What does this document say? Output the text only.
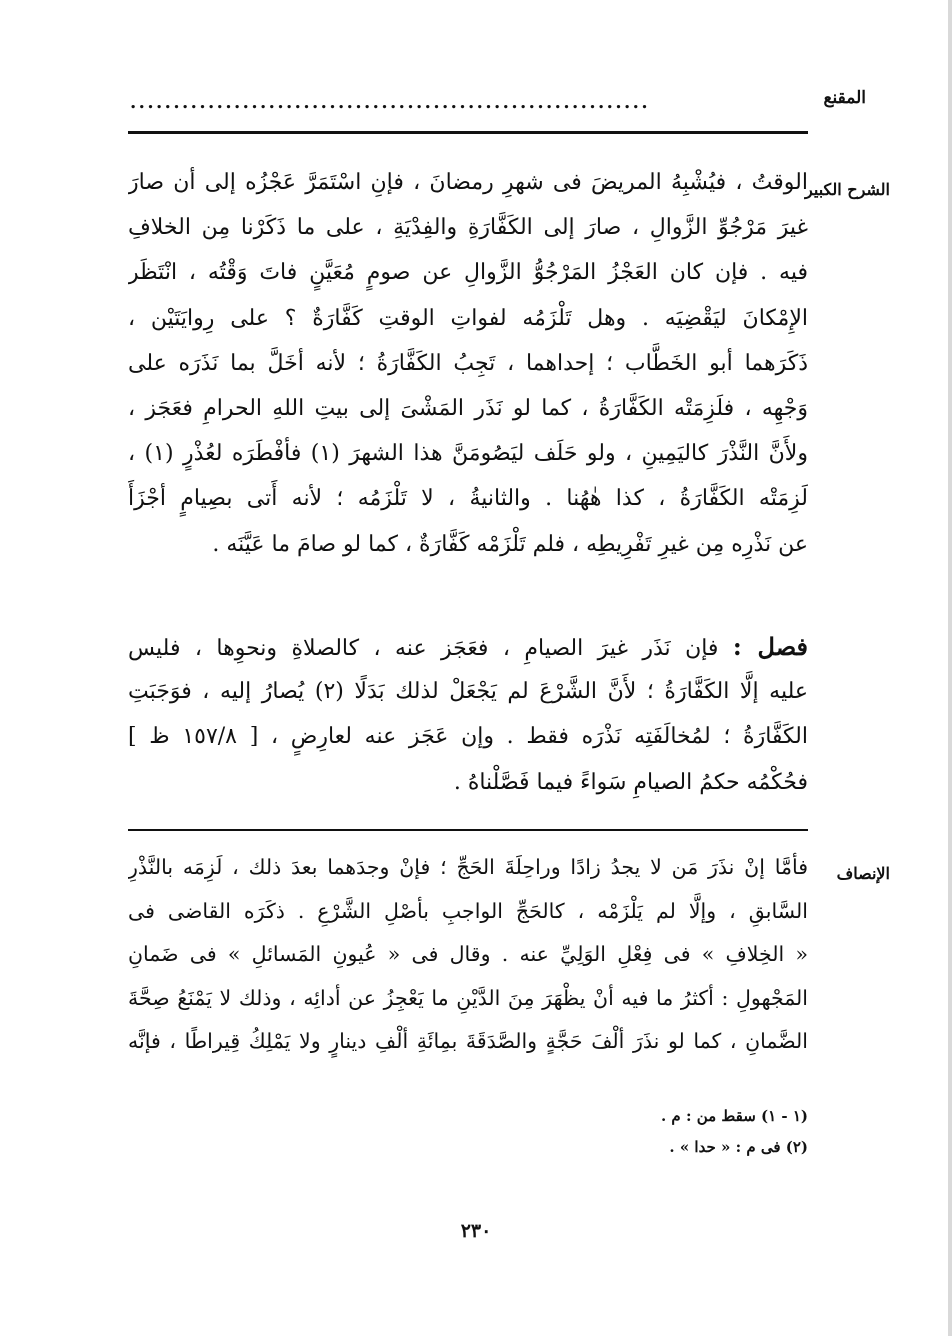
المقنع
............................................................
الشرح الكبير
الوقتُ ، فيُشْبِهُ المريضَ فى شهرِ رمضانَ ، فإنِ اسْتَمَرَّ عَجْزُه إلى أن صارَ
غيرَ مَرْجُوِّ الزَّوالِ ، صارَ إلى الكَفَّارَةِ والفِدْيَةِ ، على ما ذَكَرْنا مِن الخلافِ
فيه . فإن كان العَجْزُ المَرْجُوُّ الزَّوالِ عن صومٍ مُعَيَّنٍ فاتَ وَقْتُه ، انْتَظَر
الإِمْكانَ ليَقْضِيَه . وهل تَلْزَمُه لفواتِ الوقتِ كَفَّارَةٌ ؟ على رِوايَتَيْن ،
ذَكَرَهما أبو الخَطَّاب ؛ إحداهما ، تَجِبُ الكَفَّارَةُ ؛ لأنه أخَلَّ بما نَذَرَه على
وَجْهِه ، فلَزِمَتْه الكَفَّارَةُ ، كما لو نَذَر المَشْىَ إلى بيتِ اللهِ الحرامِ فعَجَز ،
ولأَنَّ النَّذْرَ كاليَمِينِ ، ولو حَلَف ليَصُومَنَّ هذا الشهرَ (١) فأفْطَرَه لعُذْرٍ (١) ،
لَزِمَتْه الكَفَّارَةُ ، كذا هٰهُنا . والثانيةُ ، لا تَلْزَمُه ؛ لأنه أَتى بصِيامٍ أجْزَأَ
عن نَذْرِه مِن غيرِ تَفْرِيطِه ، فلم تَلْزَمْه كَفَّارَةٌ ، كما لو صامَ ما عَيَّنَه .
فصل : فإن نَذَر غيرَ الصيامِ ، فعَجَز عنه ، كالصلاةِ ونحوِها ، فليس
عليه إلَّا الكَفَّارَةُ ؛ لأَنَّ الشَّرْعَ لم يَجْعَلْ لذلك بَدَلًا (٢) يُصارُ إليه ، فوَجَبَتِ
الكَفَّارَةُ ؛ لمُخالَفَتِه نَذْرَه فقط . وإن عَجَز عنه لعارِضٍ ، [ ١٥٧/٨ ظ ]
فحُكْمُه حكمُ الصيامِ سَواءً فيما فَصَّلْناهُ .
الإنصاف
فأمَّا إنْ نذَرَ مَن لا يجدُ زادًا وراحِلَةَ الحَجِّ ؛ فإنْ وجدَهما بعدَ ذلك ، لَزِمَه بالنَّذْرِ
السَّابقِ ، وإلَّا لم يَلْزَمْه ، كالحَجِّ الواجبِ بأصْلِ الشَّرْعِ . ذكَرَه القاضى فى
« الخِلافِ » فى فِعْلِ الوَلِيِّ عنه . وقال فى « عُيونِ المَسائلِ » فى ضَمانِ
المَجْهولِ : أكثرُ ما فيه أنْ يظْهَرَ مِنَ الدَّيْنِ ما يَعْجِزُ عن أدائِه ، وذلك لا يَمْنَعُ صِحَّةَ
الضَّمانِ ، كما لو نذَرَ ألْفَ حَجَّةٍ والصَّدَقَةَ بمِائَةِ ألْفِ دينارٍ ولا يَمْلِكُ قِيراطًا ، فإنَّه
(١ - ١) سقط من : م .
(٢) فى م : « حدا » .
٢٣٠
